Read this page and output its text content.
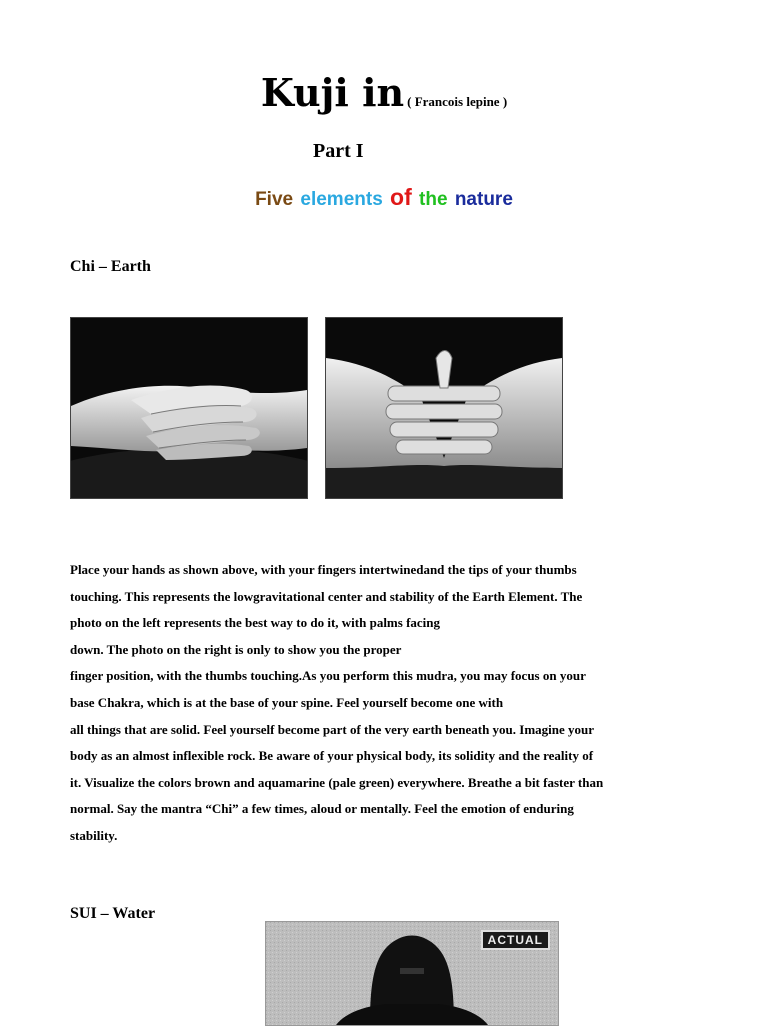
Kuji in ( Francois lepine )
Part I
Five elements of the nature
Chi – Earth
Place your hands as shown above, with your fingers intertwinedand the tips of your thumbs
touching. This represents the lowgravitational center and stability of the Earth Element. The
photo on the left represents the best way to do it, with palms facing
down. The photo on the right is only to show you the proper
finger position, with the thumbs touching.As you perform this mudra, you may focus on your
base Chakra, which is at the base of your spine. Feel yourself become one with
all things that are solid. Feel yourself become part of the very earth beneath you. Imagine your
body as an almost inflexible rock. Be aware of your physical body, its solidity and the reality of
it. Visualize the colors brown and aquamarine (pale green) everywhere. Breathe a bit faster than
normal. Say the mantra “Chi” a few times, aloud or mentally. Feel the emotion of enduring
stability.
SUI – Water
ACTUAL
